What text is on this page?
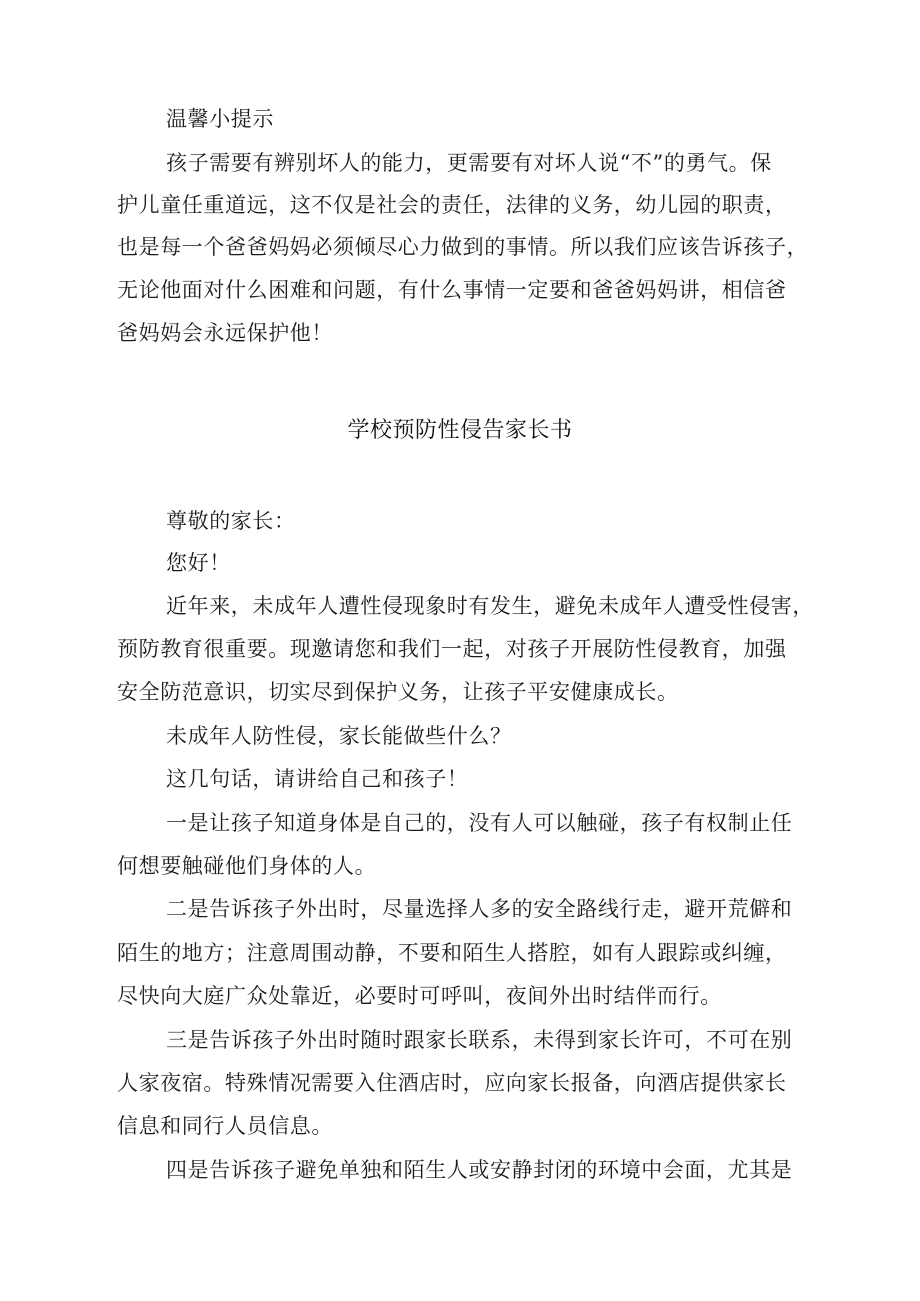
温馨小提示
孩子需要有辨别坏人的能力，更需要有对坏人说“不”的勇气。保
护儿童任重道远，这不仅是社会的责任，法律的义务，幼儿园的职责，
也是每一个爸爸妈妈必须倾尽心力做到的事情。所以我们应该告诉孩子，
无论他面对什么困难和问题，有什么事情一定要和爸爸妈妈讲，相信爸
爸妈妈会永远保护他！
学校预防性侵告家长书
尊敬的家长：
您好！
近年来，未成年人遭性侵现象时有发生，避免未成年人遭受性侵害，
预防教育很重要。现邀请您和我们一起，对孩子开展防性侵教育，加强
安全防范意识，切实尽到保护义务，让孩子平安健康成长。
未成年人防性侵，家长能做些什么？
这几句话，请讲给自己和孩子！
一是让孩子知道身体是自己的，没有人可以触碰，孩子有权制止任
何想要触碰他们身体的人。
二是告诉孩子外出时，尽量选择人多的安全路线行走，避开荒僻和
陌生的地方；注意周围动静，不要和陌生人搭腔，如有人跟踪或纠缠，
尽快向大庭广众处靠近，必要时可呼叫，夜间外出时结伴而行。
三是告诉孩子外出时随时跟家长联系，未得到家长许可，不可在别
人家夜宿。特殊情况需要入住酒店时，应向家长报备，向酒店提供家长
信息和同行人员信息。
四是告诉孩子避免单独和陌生人或安静封闭的环境中会面，尤其是
